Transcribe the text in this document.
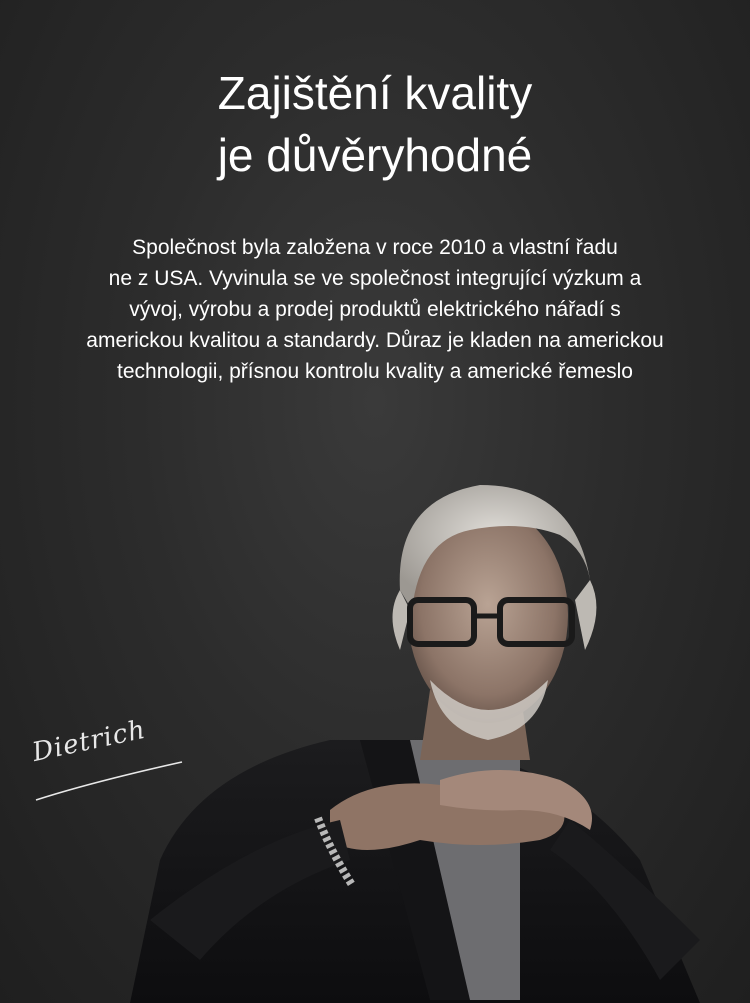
Zajištění kvality
je důvěryhodné

Společnost byla založena v roce 2010 a vlastní řadu
ne z USA. Vyvinula se ve společnost integrující výzkum a
vývoj, výrobu a prodej produktů elektrického nářadí s
americkou kvalitou a standardy. Důraz je kladen na americkou
technologii, přísnou kontrolu kvality a americké řemeslo

Dietrich
